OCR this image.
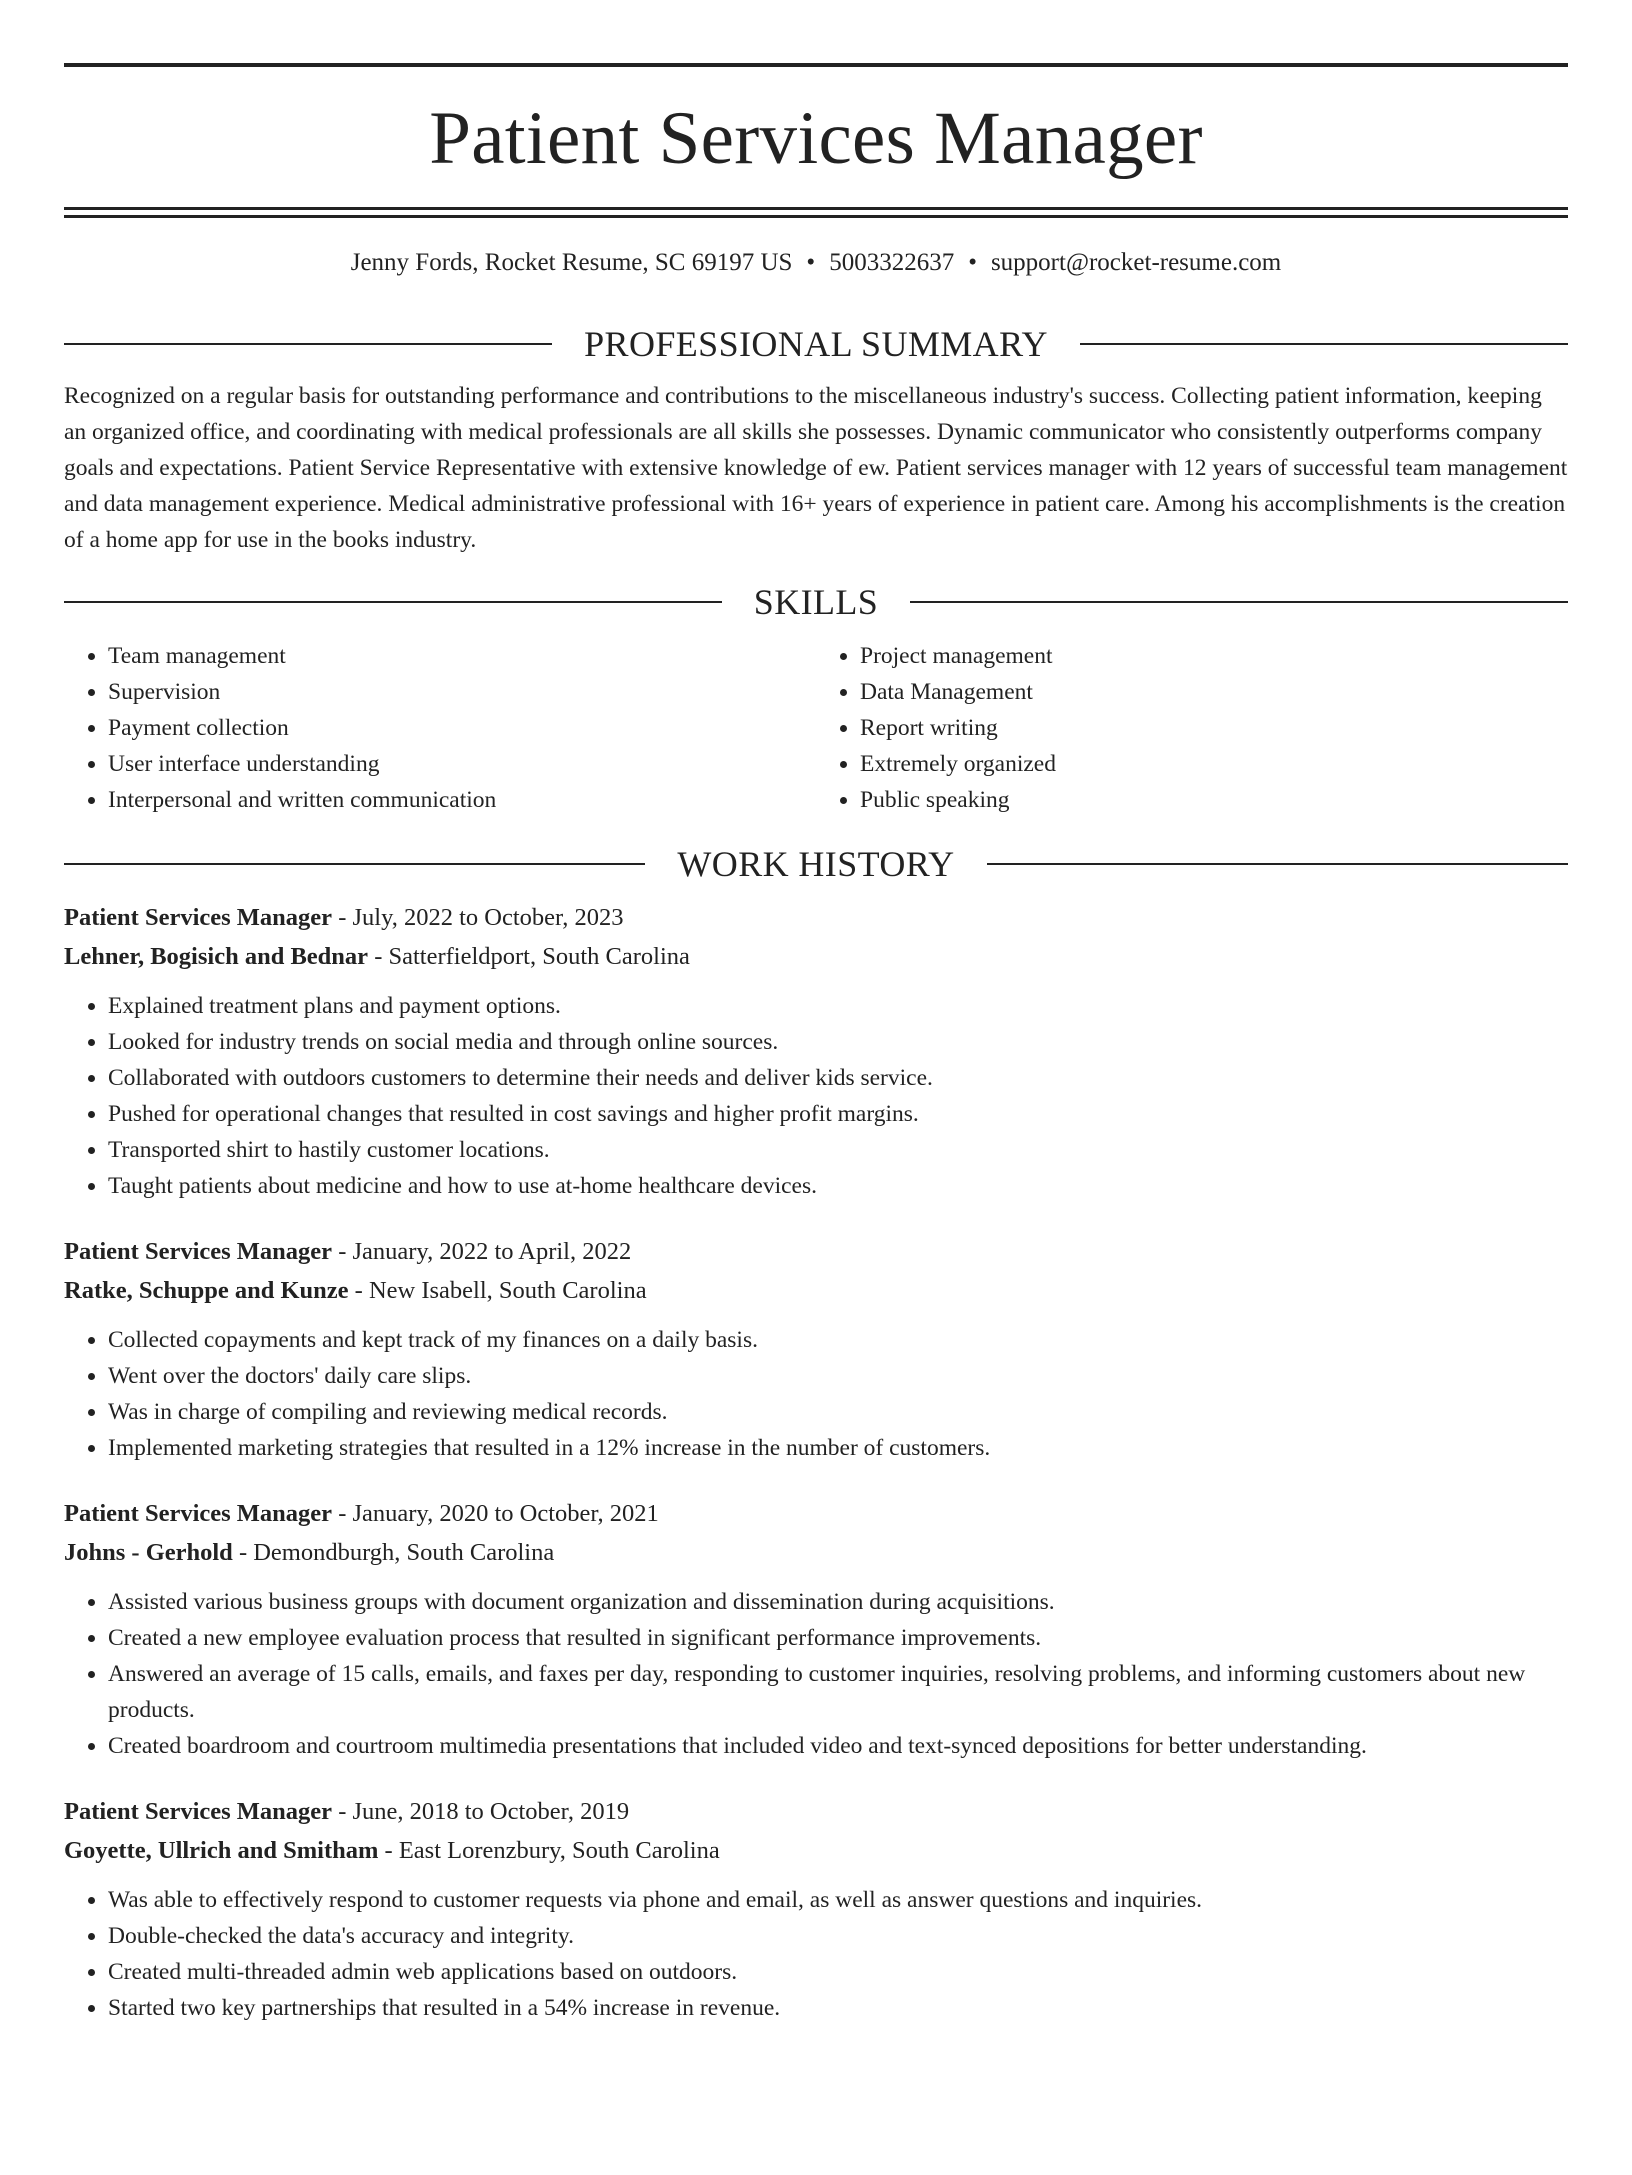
Patient Services Manager
Jenny Fords, Rocket Resume, SC 69197 US • 5003322637 • support@rocket-resume.com
PROFESSIONAL SUMMARY
Recognized on a regular basis for outstanding performance and contributions to the miscellaneous industry's success. Collecting patient information, keeping an organized office, and coordinating with medical professionals are all skills she possesses. Dynamic communicator who consistently outperforms company goals and expectations. Patient Service Representative with extensive knowledge of ew. Patient services manager with 12 years of successful team management and data management experience. Medical administrative professional with 16+ years of experience in patient care. Among his accomplishments is the creation of a home app for use in the books industry.
SKILLS
• Team management
• Supervision
• Payment collection
• User interface understanding
• Interpersonal and written communication
• Project management
• Data Management
• Report writing
• Extremely organized
• Public speaking
WORK HISTORY
Patient Services Manager - July, 2022 to October, 2023
Lehner, Bogisich and Bednar - Satterfieldport, South Carolina
• Explained treatment plans and payment options.
• Looked for industry trends on social media and through online sources.
• Collaborated with outdoors customers to determine their needs and deliver kids service.
• Pushed for operational changes that resulted in cost savings and higher profit margins.
• Transported shirt to hastily customer locations.
• Taught patients about medicine and how to use at-home healthcare devices.
Patient Services Manager - January, 2022 to April, 2022
Ratke, Schuppe and Kunze - New Isabell, South Carolina
• Collected copayments and kept track of my finances on a daily basis.
• Went over the doctors' daily care slips.
• Was in charge of compiling and reviewing medical records.
• Implemented marketing strategies that resulted in a 12% increase in the number of customers.
Patient Services Manager - January, 2020 to October, 2021
Johns - Gerhold - Demondburgh, South Carolina
• Assisted various business groups with document organization and dissemination during acquisitions.
• Created a new employee evaluation process that resulted in significant performance improvements.
• Answered an average of 15 calls, emails, and faxes per day, responding to customer inquiries, resolving problems, and informing customers about new products.
• Created boardroom and courtroom multimedia presentations that included video and text-synced depositions for better understanding.
Patient Services Manager - June, 2018 to October, 2019
Goyette, Ullrich and Smitham - East Lorenzbury, South Carolina
• Was able to effectively respond to customer requests via phone and email, as well as answer questions and inquiries.
• Double-checked the data's accuracy and integrity.
• Created multi-threaded admin web applications based on outdoors.
• Started two key partnerships that resulted in a 54% increase in revenue.
